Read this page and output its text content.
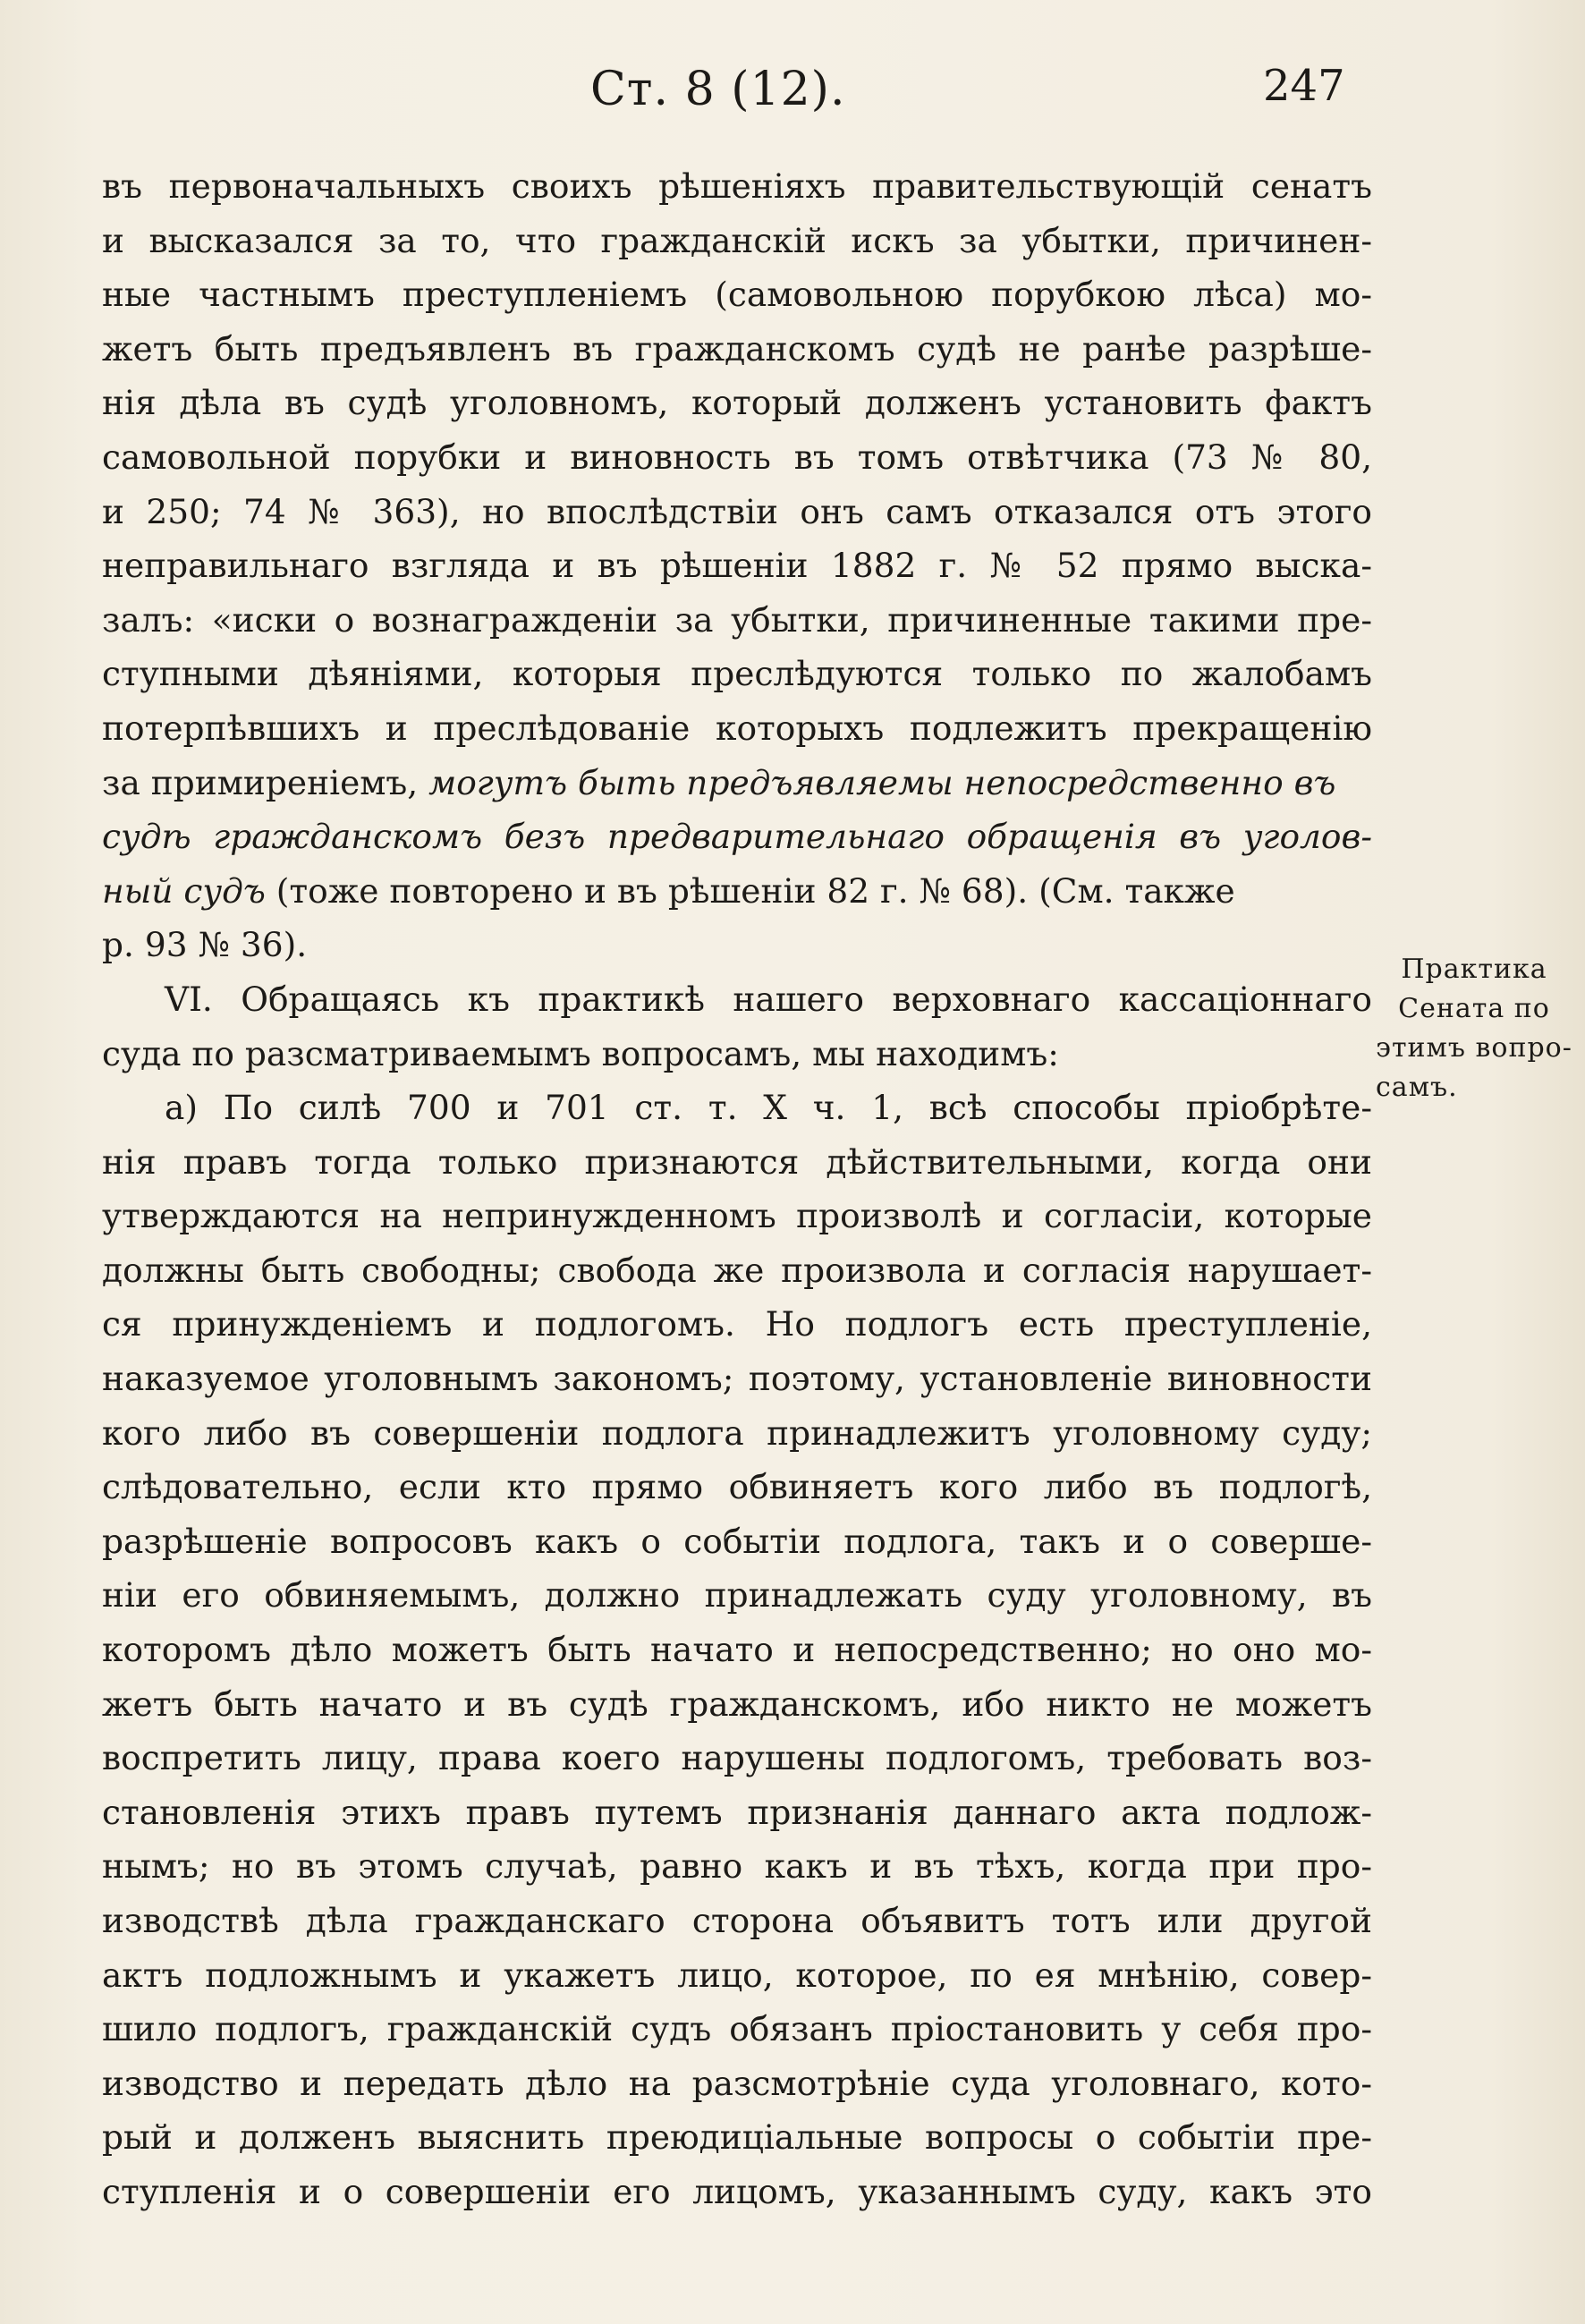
Ст. 8 (12).	247
въ первоначальныхъ своихъ рѣшеніяхъ правительствующій сенатъ
и высказался за то, что гражданскій искъ за убытки, причинен-
ные частнымъ преступленіемъ (самовольною порубкою лѣса) мо-
жетъ быть предъявленъ въ гражданскомъ судѣ не ранѣе разрѣше-
нія дѣла въ судѣ уголовномъ, который долженъ установить фактъ
самовольной порубки и виновность въ томъ отвѣтчика (73 № 80,
и 250; 74 № 363), но впослѣдствіи онъ самъ отказался отъ этого
неправильнаго взгляда и въ рѣшеніи 1882 г. № 52 прямо выска-
залъ: «иски о вознагражденіи за убытки, причиненные такими пре-
ступными дѣяніями, которыя преслѣдуются только по жалобамъ
потерпѣвшихъ и преслѣдованіе которыхъ подлежитъ прекращенію
за примиреніемъ, могутъ быть предъявляемы непосредственно въ
судѣ гражданскомъ безъ предварительнаго обращенія въ уголов-
ный судъ (тоже повторено и въ рѣшеніи 82 г. № 68). (См. также
р. 93 № 36).
VI. Обращаясь къ практикѣ нашего верховнаго кассаціоннаго
суда по разсматриваемымъ вопросамъ, мы находимъ:
а) По силѣ 700 и 701 ст. т. X ч. 1, всѣ способы пріобрѣте-
нія правъ тогда только признаются дѣйствительными, когда они
утверждаются на непринужденномъ произволѣ и согласіи, которые
должны быть свободны; свобода же произвола и согласія нарушает-
ся принужденіемъ и подлогомъ. Но подлогъ есть преступленіе,
наказуемое уголовнымъ закономъ; поэтому, установленіе виновности
кого либо въ совершеніи подлога принадлежитъ уголовному суду;
слѣдовательно, если кто прямо обвиняетъ кого либо въ подлогѣ,
разрѣшеніе вопросовъ какъ о событіи подлога, такъ и о соверше-
ніи его обвиняемымъ, должно принадлежать суду уголовному, въ
которомъ дѣло можетъ быть начато и непосредственно; но оно мо-
жетъ быть начато и въ судѣ гражданскомъ, ибо никто не можетъ
воспретить лицу, права коего нарушены подлогомъ, требовать воз-
становленія этихъ правъ путемъ признанія даннаго акта подлож-
нымъ; но въ этомъ случаѣ, равно какъ и въ тѣхъ, когда при про-
изводствѣ дѣла гражданскаго сторона объявитъ тотъ или другой
актъ подложнымъ и укажетъ лицо, которое, по ея мнѣнію, совер-
шило подлогъ, гражданскій судъ обязанъ пріостановить у себя про-
изводство и передать дѣло на разсмотрѣніе суда уголовнаго, кото-
рый и долженъ выяснить преюдиціальные вопросы о событіи пре-
ступленія и о совершеніи его лицомъ, указаннымъ суду, какъ это
Практика
Сената по
этимъ вопро-
самъ.
